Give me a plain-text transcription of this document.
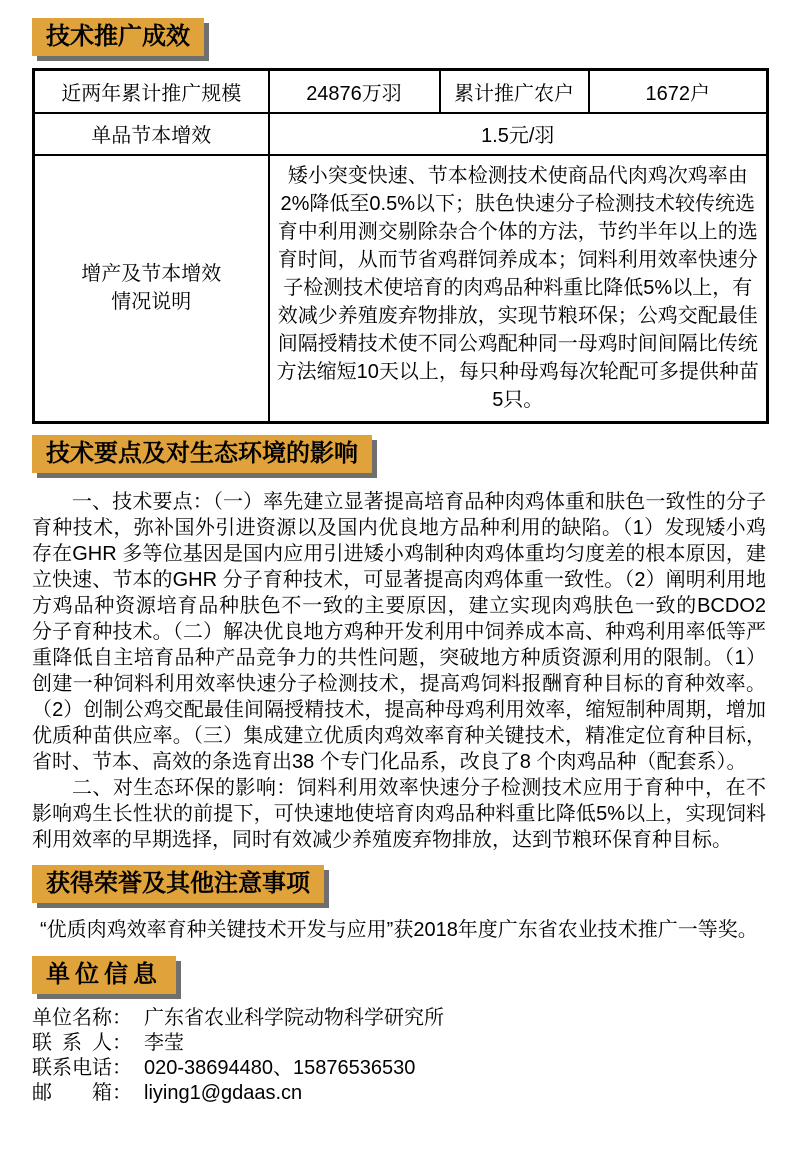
技术推广成效
近两年累计推广规模	24876万羽	累计推广农户	1672户
单品节本增效	1.5元/羽		

增产及节本增效
情况说明	矮小突变快速、节本检测技术使商品代肉鸡次鸡率由2%降低至0.5%以下；肤色快速分子检测技术较传统选育中利用测交剔除杂合个体的方法，节约半年以上的选育时间，从而节省鸡群饲养成本；饲料利用效率快速分子检测技术使培育的肉鸡品种料重比降低5%以上，有效减少养殖废弃物排放，实现节粮环保；公鸡交配最佳间隔授精技术使不同公鸡配种同一母鸡时间间隔比传统方法缩短10天以上，每只种母鸡每次轮配可多提供种苗5只。		
技术要点及对生态环境的影响

一、技术要点：（一）率先建立显著提高培育品种肉鸡体重和肤色一致性的分子育种技术，弥补国外引进资源以及国内优良地方品种利用的缺陷。（1）发现矮小鸡存在GHR 多等位基因是国内应用引进矮小鸡制种肉鸡体重均匀度差的根本原因，建立快速、节本的GHR 分子育种技术，可显著提高肉鸡体重一致性。（2）阐明利用地方鸡品种资源培育品种肤色不一致的主要原因，建立实现肉鸡肤色一致的BCDO2 分子育种技术。（二）解决优良地方鸡种开发利用中饲养成本高、种鸡利用率低等严重降低自主培育品种产品竞争力的共性问题，突破地方种质资源利用的限制。（1）创建一种饲料利用效率快速分子检测技术，提高鸡饲料报酬育种目标的育种效率。（2）创制公鸡交配最佳间隔授精技术，提高种母鸡利用效率，缩短制种周期，增加优质种苗供应率。（三）集成建立优质肉鸡效率育种关键技术，精准定位育种目标，省时、节本、高效的条选育出38 个专门化品系，改良了8 个肉鸡品种（配套系）。

二、对生态环保的影响：饲料利用效率快速分子检测技术应用于育种中，在不影响鸡生长性状的前提下，可快速地使培育肉鸡品种料重比降低5%以上，实现饲料利用效率的早期选择，同时有效减少养殖废弃物排放，达到节粮环保育种目标。

获得荣誉及其他注意事项

“优质肉鸡效率育种关键技术开发与应用”获2018年度广东省农业技术推广一等奖。

单位信息
单位名称： 广东省农业科学院动物科学研究所
联 系 人： 李莹
联系电话： 020-38694480、15876536530
邮　　箱： liying1@gdaas.cn
